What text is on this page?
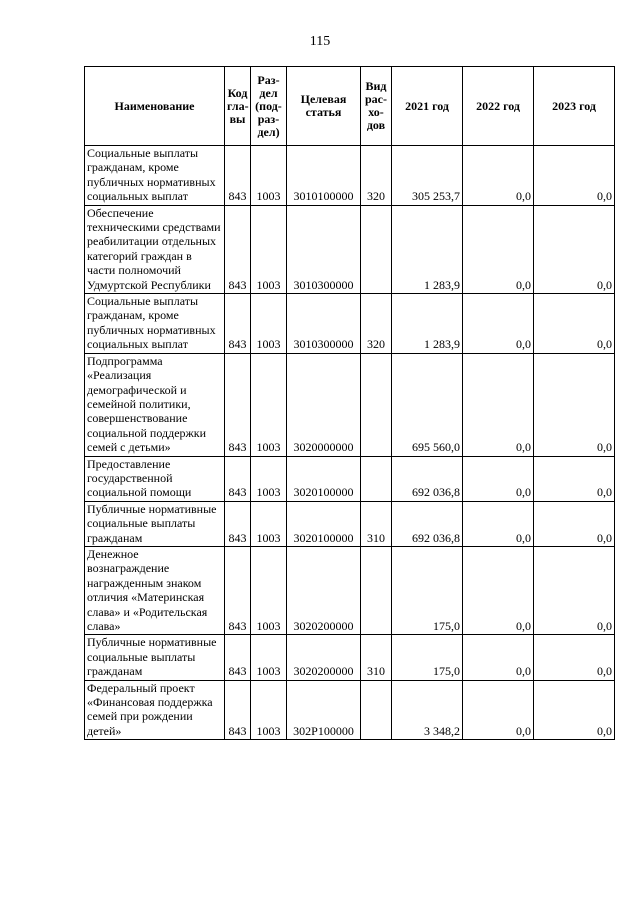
115
Наименование	Код гла- вы	Раз- дел (под- раз- дел)	Целевая статья	Вид рас- хо- дов	2021 год	2022 год	2023 год
Социальные выплаты гражданам, кроме публичных нормативных социальных выплат	843	1003	3010100000	320	305 253,7	0,0	0,0
Обеспечение техническими средствами реабилитации отдельных категорий граждан в части полномочий Удмуртской Республики	843	1003	3010300000		1 283,9	0,0	0,0
Социальные выплаты гражданам, кроме публичных нормативных социальных выплат	843	1003	3010300000	320	1 283,9	0,0	0,0
Подпрограмма «Реализация демографической и семейной политики, совершенствование социальной поддержки семей с детьми»	843	1003	3020000000		695 560,0	0,0	0,0
Предоставление государственной социальной помощи	843	1003	3020100000		692 036,8	0,0	0,0
Публичные нормативные социальные выплаты гражданам	843	1003	3020100000	310	692 036,8	0,0	0,0
Денежное вознаграждение награжденным знаком отличия «Материнская слава» и «Родительская слава»	843	1003	3020200000		175,0	0,0	0,0
Публичные нормативные социальные выплаты гражданам	843	1003	3020200000	310	175,0	0,0	0,0
Федеральный проект «Финансовая поддержка семей при рождении детей»	843	1003	302P100000		3 348,2	0,0	0,0
